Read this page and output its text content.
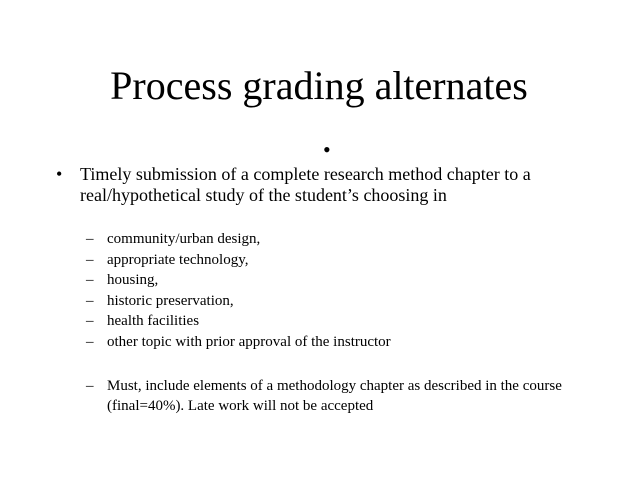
Process grading alternates
•
• Timely submission of a complete research method chapter to a real/hypothetical study of the student’s choosing in
– community/urban design,
– appropriate technology,
– housing,
– historic preservation,
– health facilities
– other topic with prior approval of the instructor
– Must, include elements of a methodology chapter as described in the course (final=40%). Late work will not be accepted
